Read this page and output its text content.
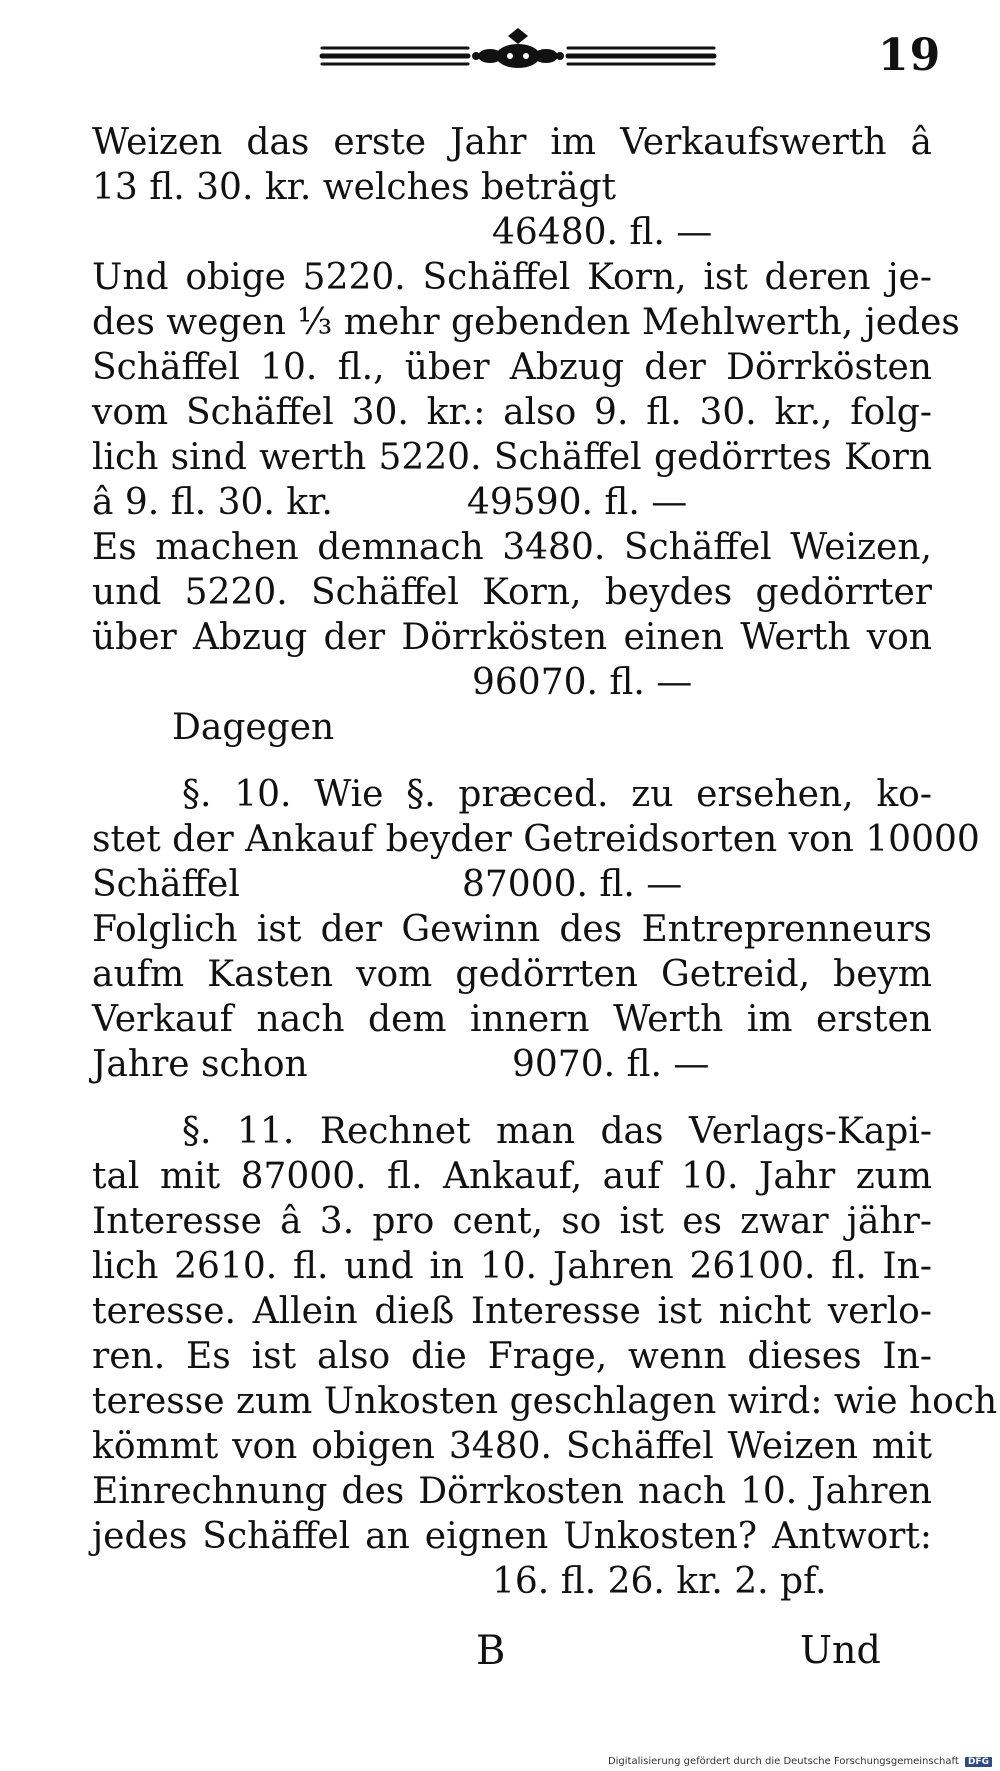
19
Weizen das erste Jahr im Verkaufswerth â
13 fl. 30. kr. welches beträgt
46480. fl. —
Und obige 5220. Schäffel Korn, ist deren je-
des wegen ⅓ mehr gebenden Mehlwerth, jedes
Schäffel 10. fl., über Abzug der Dörrkösten
vom Schäffel 30. kr.: also 9. fl. 30. kr., folg-
lich sind werth 5220. Schäffel gedörrtes Korn
â 9. fl. 30. kr.	49590. fl. —
Es machen demnach 3480. Schäffel Weizen,
und 5220. Schäffel Korn, beydes gedörrter
über Abzug der Dörrkösten einen Werth von
96070. fl. —
Dagegen
§. 10. Wie §. præced. zu ersehen, ko-
stet der Ankauf beyder Getreidsorten von 10000
Schäffel	87000. fl. —
Folglich ist der Gewinn des Entreprenneurs
aufm Kasten vom gedörrten Getreid, beym
Verkauf nach dem innern Werth im ersten
Jahre schon	9070. fl. —
§. 11. Rechnet man das Verlags-Kapi-
tal mit 87000. fl. Ankauf, auf 10. Jahr zum
Interesse â 3. pro cent, so ist es zwar jähr-
lich 2610. fl. und in 10. Jahren 26100. fl. In-
teresse. Allein dieß Interesse ist nicht verlo-
ren. Es ist also die Frage, wenn dieses In-
teresse zum Unkosten geschlagen wird: wie hoch
kömmt von obigen 3480. Schäffel Weizen mit
Einrechnung des Dörrkosten nach 10. Jahren
jedes Schäffel an eignen Unkosten? Antwort:
16. fl. 26. kr. 2. pf.
B	Und
Digitalisierung gefördert durch die Deutsche Forschungsgemeinschaft DFG
